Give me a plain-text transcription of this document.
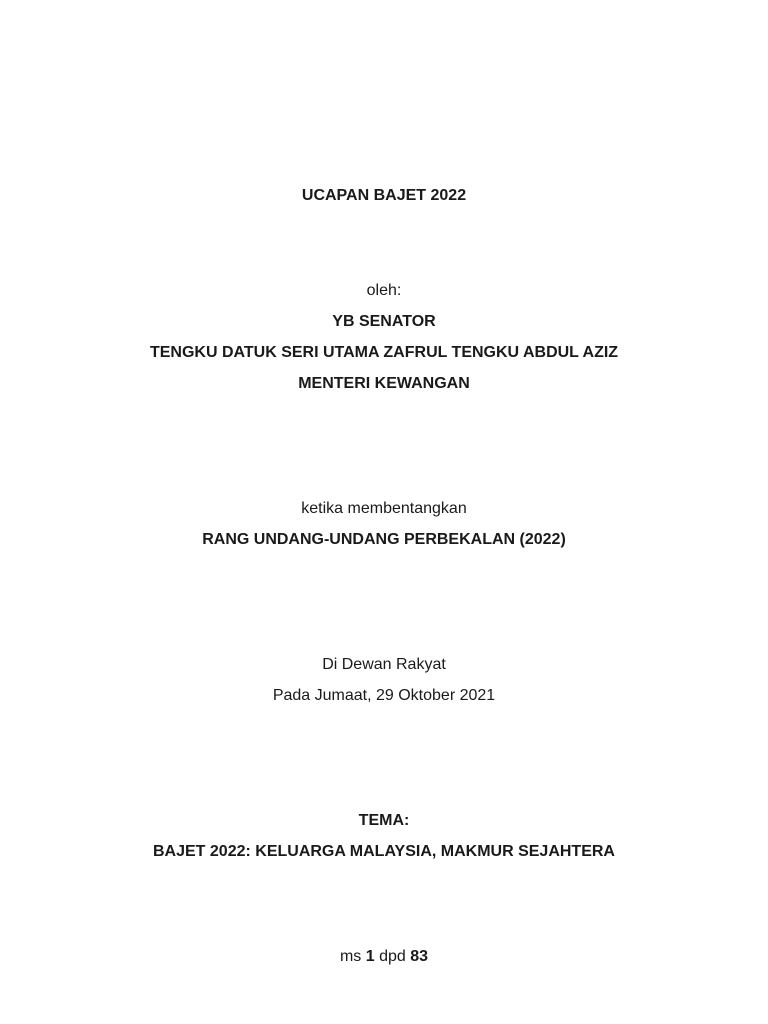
UCAPAN BAJET 2022
oleh:
YB SENATOR
TENGKU DATUK SERI UTAMA ZAFRUL TENGKU ABDUL AZIZ
MENTERI KEWANGAN
ketika membentangkan
RANG UNDANG-UNDANG PERBEKALAN (2022)
Di Dewan Rakyat
Pada Jumaat, 29 Oktober 2021
TEMA:
BAJET 2022: KELUARGA MALAYSIA, MAKMUR SEJAHTERA
ms 1 dpd 83
